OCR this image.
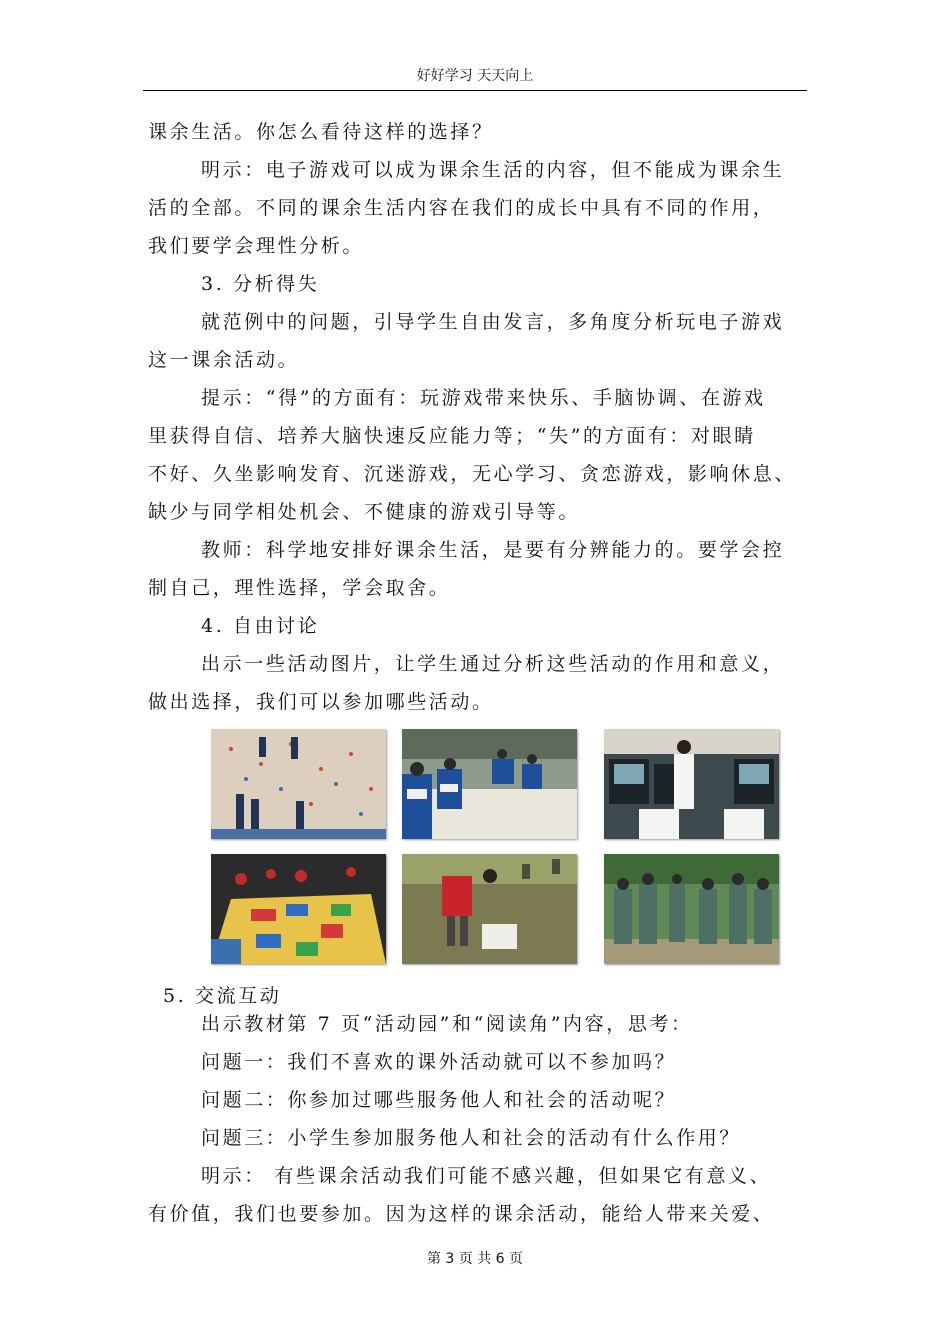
好好学习 天天向上
课余生活。你怎么看待这样的选择？
明示：电子游戏可以成为课余生活的内容，但不能成为课余生
活的全部。不同的课余生活内容在我们的成长中具有不同的作用，
我们要学会理性分析。
3. 分析得失
就范例中的问题，引导学生自由发言，多角度分析玩电子游戏
这一课余活动。
提示：“得”的方面有：玩游戏带来快乐、手脑协调、在游戏
里获得自信、培养大脑快速反应能力等；“失”的方面有：对眼睛
不好、久坐影响发育、沉迷游戏，无心学习、贪恋游戏，影响休息、
缺少与同学相处机会、不健康的游戏引导等。
教师：科学地安排好课余生活，是要有分辨能力的。要学会控
制自己，理性选择，学会取舍。
4. 自由讨论
出示一些活动图片，让学生通过分析这些活动的作用和意义，
做出选择，我们可以参加哪些活动。
5. 交流互动
出示教材第 7 页“活动园”和“阅读角”内容，思考：
问题一：我们不喜欢的课外活动就可以不参加吗？
问题二：你参加过哪些服务他人和社会的活动呢？
问题三：小学生参加服务他人和社会的活动有什么作用？
明示： 有些课余活动我们可能不感兴趣，但如果它有意义、
有价值，我们也要参加。因为这样的课余活动，能给人带来关爱、
第 3 页 共 6 页
